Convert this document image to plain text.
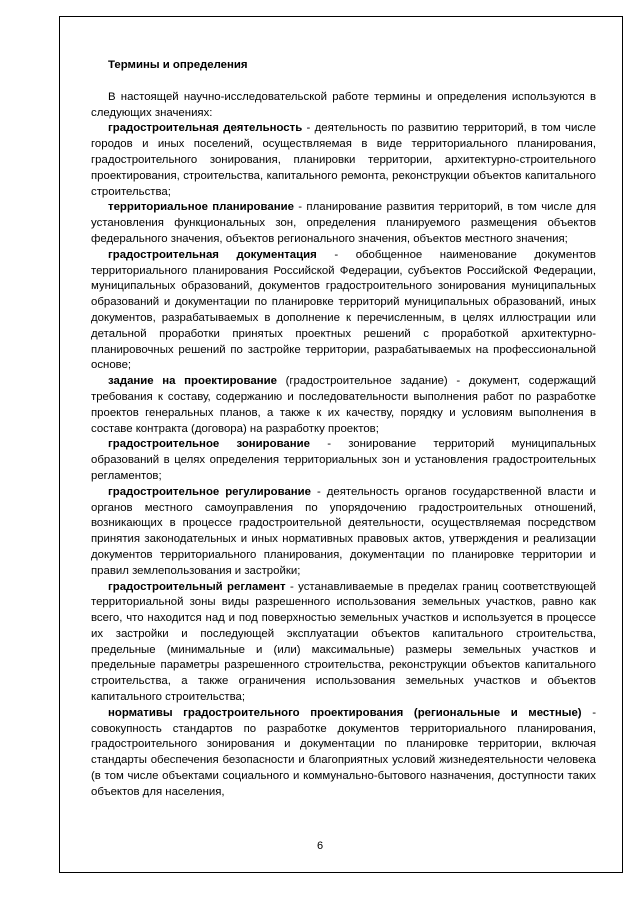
Термины и определения

В настоящей научно-исследовательской работе термины и определения используются в следующих значениях:

градостроительная деятельность - деятельность по развитию территорий, в том числе городов и иных поселений, осуществляемая в виде территориального планирования, градостроительного зонирования, планировки территории, архитектурно-строительного проектирования, строительства, капитального ремонта, реконструкции объектов капитального строительства;

территориальное планирование - планирование развития территорий, в том числе для установления функциональных зон, определения планируемого размещения объектов федерального значения, объектов регионального значения, объектов местного значения;

градостроительная документация - обобщенное наименование документов территориального планирования Российской Федерации, субъектов Российской Федерации, муниципальных образований, документов градостроительного зонирования муниципальных образований и документации по планировке территорий муниципальных образований, иных документов, разрабатываемых в дополнение к перечисленным, в целях иллюстрации или детальной проработки принятых проектных решений с проработкой архитектурно-планировочных решений по застройке территории, разрабатываемых на профессиональной основе;

задание на проектирование (градостроительное задание) - документ, содержащий требования к составу, содержанию и последовательности выполнения работ по разработке проектов генеральных планов, а также к их качеству, порядку и условиям выполнения в составе контракта (договора) на разработку проектов;

градостроительное зонирование - зонирование территорий муниципальных образований в целях определения территориальных зон и установления градостроительных регламентов;

градостроительное регулирование - деятельность органов государственной власти и органов местного самоуправления по упорядочению градостроительных отношений, возникающих в процессе градостроительной деятельности, осуществляемая посредством принятия законодательных и иных нормативных правовых актов, утверждения и реализации документов территориального планирования, документации по планировке территории и правил землепользования и застройки;

градостроительный регламент - устанавливаемые в пределах границ соответствующей территориальной зоны виды разрешенного использования земельных участков, равно как всего, что находится над и под поверхностью земельных участков и используется в процессе их застройки и последующей эксплуатации объектов капитального строительства, предельные (минимальные и (или) максимальные) размеры земельных участков и предельные параметры разрешенного строительства, реконструкции объектов капитального строительства, а также ограничения использования земельных участков и объектов капитального строительства;

нормативы градостроительного проектирования (региональные и местные) - совокупность стандартов по разработке документов территориального планирования, градостроительного зонирования и документации по планировке территории, включая стандарты обеспечения безопасности и благоприятных условий жизнедеятельности человека (в том числе объектами социального и коммунально-бытового назначения, доступности таких объектов для населения,

6
